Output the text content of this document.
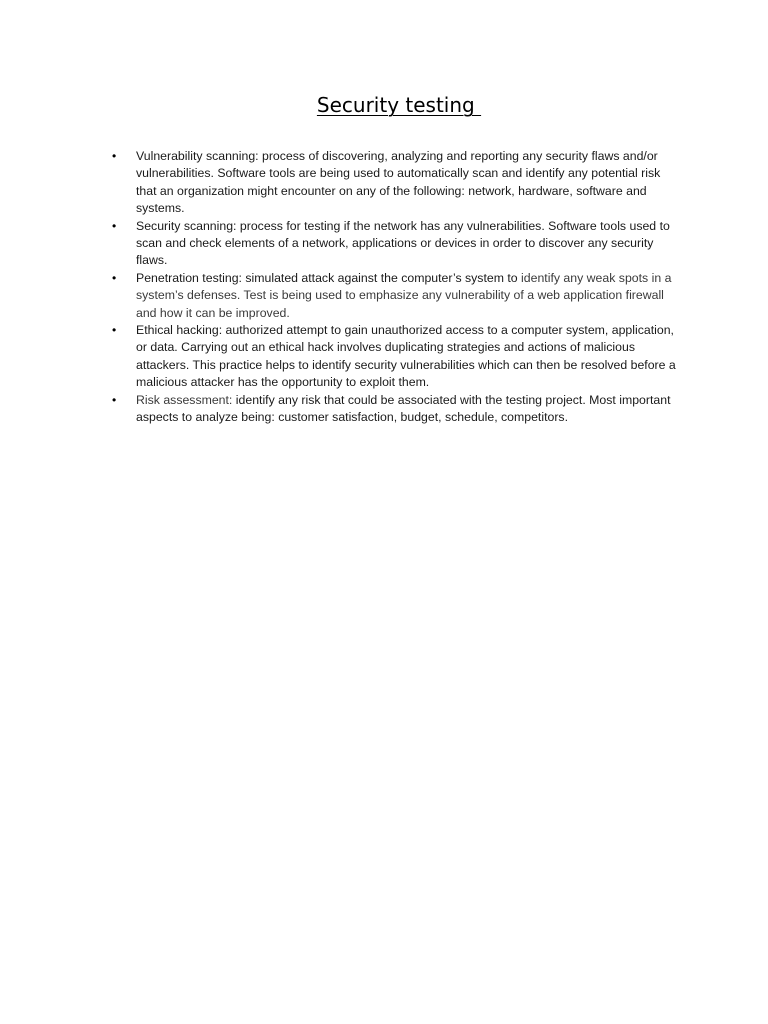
Security testing
•	Vulnerability scanning: process of discovering, analyzing and reporting any security flaws and/or vulnerabilities. Software tools are being used to automatically scan and identify any potential risk that an organization might encounter on any of the following: network, hardware, software and systems.
•	Security scanning: process for testing if the network has any vulnerabilities. Software tools used to scan and check elements of a network, applications or devices in order to discover any security flaws.
•	Penetration testing: simulated attack against the computer’s system to identify any weak spots in a system’s defenses. Test is being used to emphasize any vulnerability of a web application firewall and how it can be improved.
•	Ethical hacking: authorized attempt to gain unauthorized access to a computer system, application, or data. Carrying out an ethical hack involves duplicating strategies and actions of malicious attackers. This practice helps to identify security vulnerabilities which can then be resolved before a malicious attacker has the opportunity to exploit them.
•	Risk assessment: identify any risk that could be associated with the testing project. Most important aspects to analyze being: customer satisfaction, budget, schedule, competitors.
